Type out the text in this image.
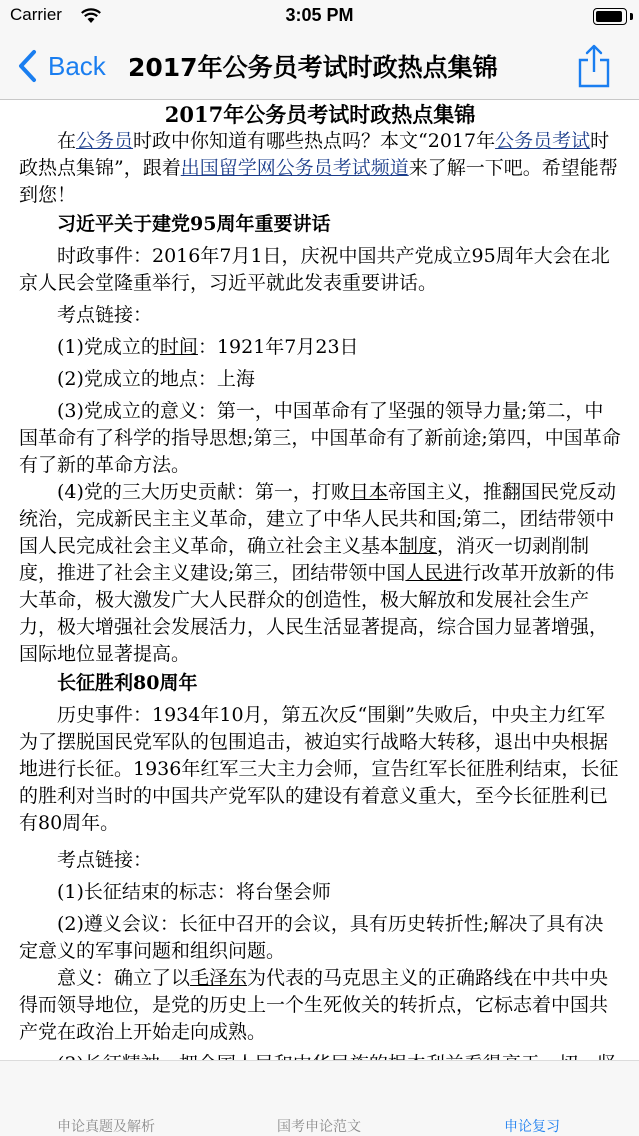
Carrier	3:05 PM
Back 2017年公务员考试时政热点集锦
2017年公务员考试时政热点集锦

在公务员时政中你知道有哪些热点吗？本文“2017年公务员考试时政热点集锦”，跟着出国留学网公务员考试频道来了解一下吧。希望能帮到您！

习近平关于建党95周年重要讲话

时政事件：2016年7月1日，庆祝中国共产党成立95周年大会在北京人民会堂隆重举行，习近平就此发表重要讲话。

考点链接：

(1)党成立的时间：1921年7月23日

(2)党成立的地点：上海

(3)党成立的意义：第一，中国革命有了坚强的领导力量;第二，中国革命有了科学的指导思想;第三，中国革命有了新前途;第四，中国革命有了新的革命方法。

(4)党的三大历史贡献：第一，打败日本帝国主义，推翻国民党反动统治，完成新民主主义革命，建立了中华人民共和国;第二，团结带领中国人民完成社会主义革命，确立社会主义基本制度，消灭一切剥削制度，推进了社会主义建设;第三，团结带领中国人民进行改革开放新的伟大革命，极大激发广大人民群众的创造性，极大解放和发展社会生产力，极大增强社会发展活力，人民生活显著提高，综合国力显著增强，国际地位显著提高。

长征胜利80周年

历史事件：1934年10月，第五次反“围剿”失败后，中央主力红军为了摆脱国民党军队的包围追击，被迫实行战略大转移，退出中央根据地进行长征。1936年红军三大主力会师，宣告红军长征胜利结束，长征的胜利对当时的中国共产党军队的建设有着意义重大，至今长征胜利已有80周年。

考点链接：

(1)长征结束的标志：将台堡会师

(2)遵义会议：长征中召开的会议，具有历史转折性;解决了具有决定意义的军事问题和组织问题。

意义：确立了以毛泽东为代表的马克思主义的正确路线在中共中央得而领导地位，是党的历史上一个生死攸关的转折点，它标志着中国共产党在政治上开始走向成熟。

申论真题及解析	国考申论范文	申论复习
